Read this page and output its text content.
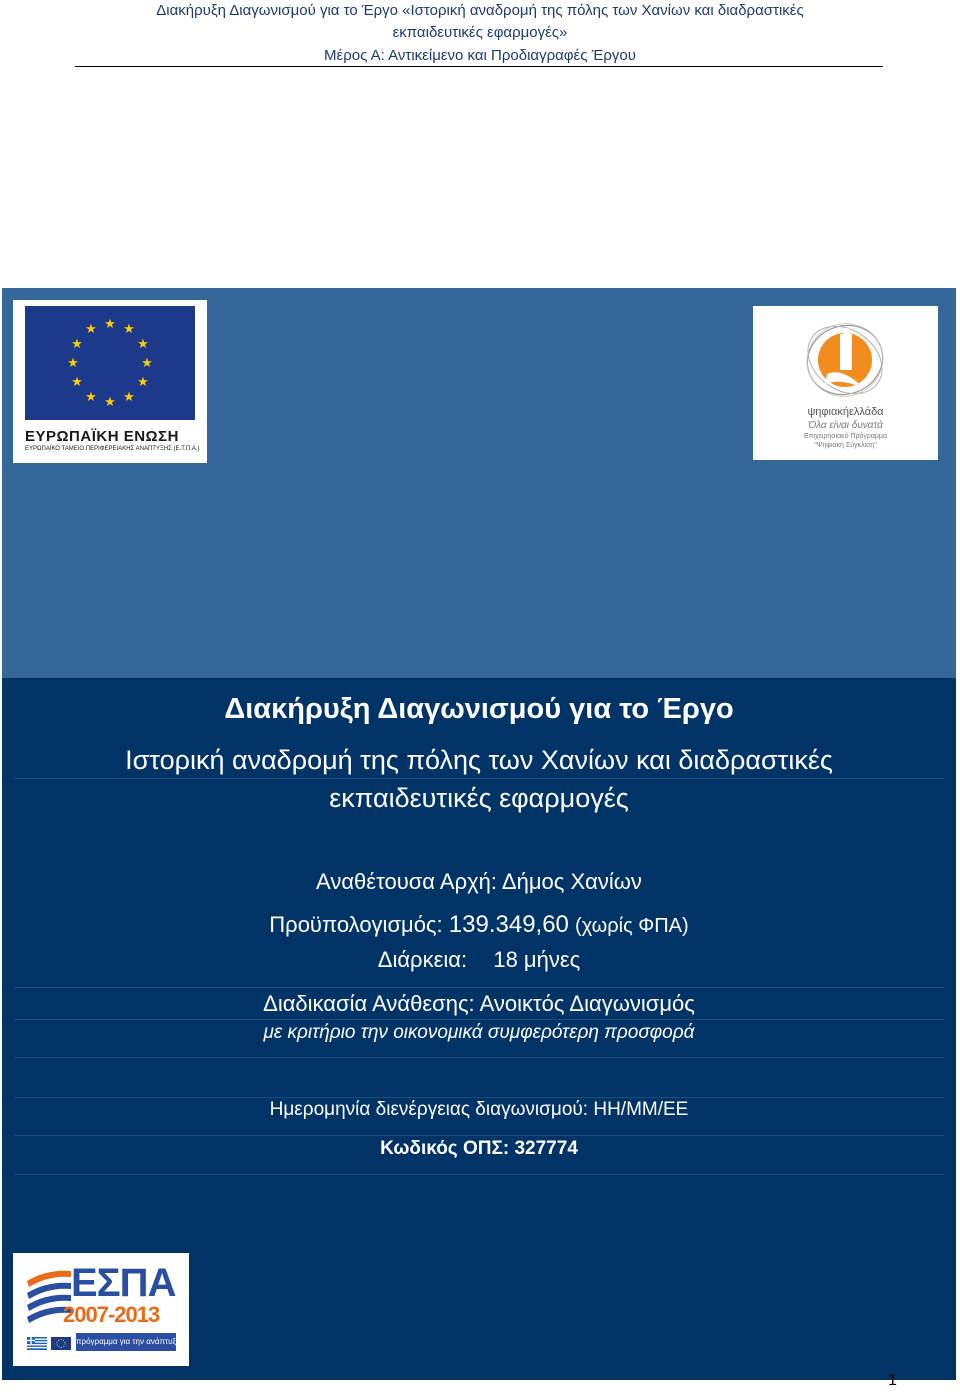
Διακήρυξη Διαγωνισμού για το Έργο «Ιστορική αναδρομή της πόλης των Χανίων και διαδραστικές
εκπαιδευτικές εφαρμογές»
Μέρος Α: Αντικείμενο και Προδιαγραφές Έργου
★ ★
★
★
★
★
★
★
★
★
★
★
ΕΥΡΩΠΑΪΚΗ ΕΝΩΣΗ
ΕΥΡΩΠΑΪΚΟ ΤΑΜΕΙΟ ΠΕΡΙΦΕΡΕΙΑΚΗΣ ΑΝΑΠΤΥΞΗΣ (Ε.Τ.Π.Α.)
ψηφιακήελλάδα
Όλα είναι δυνατά
Επιχειρησιακό Πρόγραμμα
"Ψηφιακή Σύγκλιση"
ΕΣΠΑ
2007-2013
πρόγραμμα για την ανάπτυξη
Διακήρυξη Διαγωνισμού για το Έργο
Ιστορική αναδρομή της πόλης των Χανίων και διαδραστικές
εκπαιδευτικές εφαρμογές
Αναθέτουσα Αρχή: Δήμος Χανίων
Προϋπολογισμός: 139.349,60 (χωρίς ΦΠΑ)
Διάρκεια: 18 μήνες
Διαδικασία Ανάθεσης: Ανοικτός Διαγωνισμός
με κριτήριο την οικονομικά συμφερότερη προσφορά
Ημερομηνία διενέργειας διαγωνισμού: ΗΗ/ΜΜ/ΕΕ
Κωδικός ΟΠΣ: 327774
1
